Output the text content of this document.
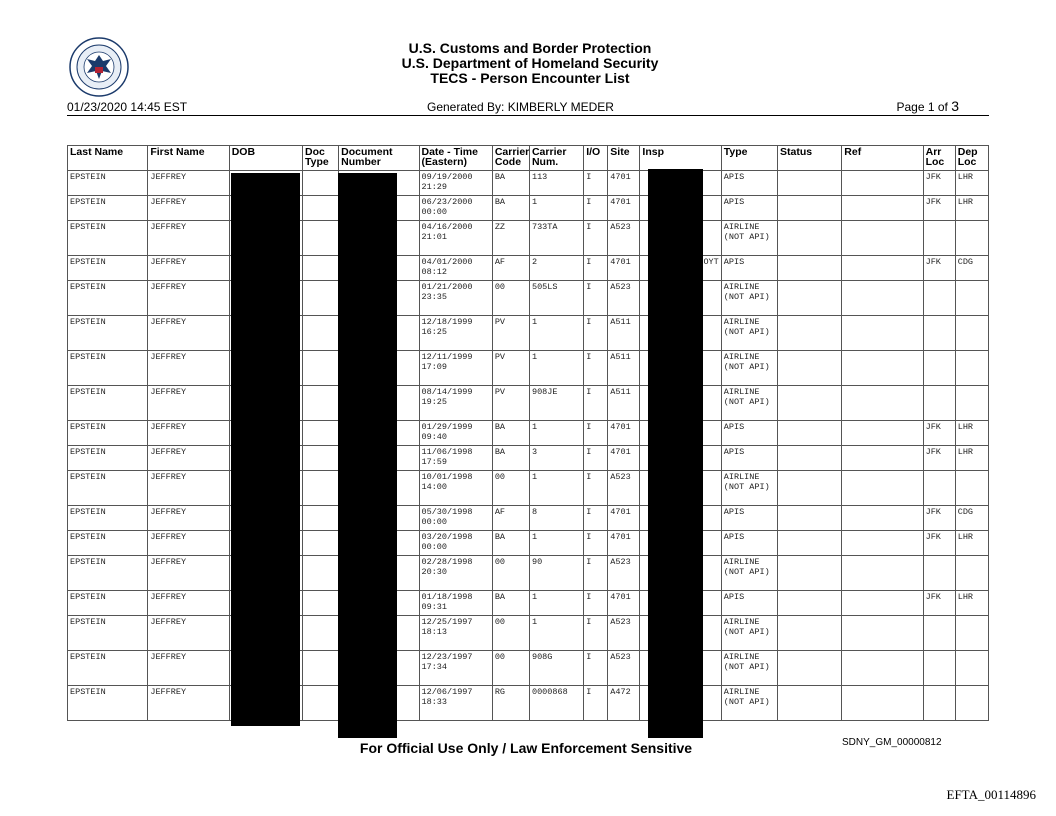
U.S. Customs and Border Protection
U.S. Department of Homeland Security
TECS - Person Encounter List
01/23/2020 14:45 EST	Generated By: KIMBERLY MEDER	Page 1 of 3
Last Name	First Name	DOB	Doc Type	Document Number	Date - Time (Eastern)	Carrier Code	Carrier Num.	I/O	Site	Insp	Type	Status	Ref	Arr Loc	Dep Loc
EPSTEIN	JEFFREY				09/19/2000 21:29	BA	113	I	4701		APIS			JFK	LHR
EPSTEIN	JEFFREY				06/23/2000 00:00	BA	1	I	4701		APIS			JFK	LHR
EPSTEIN	JEFFREY				04/16/2000 21:01	ZZ	733TA	I	A523		AIRLINE (NOT API)				
EPSTEIN	JEFFREY				04/01/2000 08:12	AF	2	I	4701	OYT	APIS			JFK	CDG
EPSTEIN	JEFFREY				01/21/2000 23:35	00	505LS	I	A523		AIRLINE (NOT API)				
EPSTEIN	JEFFREY				12/18/1999 16:25	PV	1	I	A511		AIRLINE (NOT API)				
EPSTEIN	JEFFREY				12/11/1999 17:09	PV	1	I	A511		AIRLINE (NOT API)				
EPSTEIN	JEFFREY				08/14/1999 19:25	PV	908JE	I	A511		AIRLINE (NOT API)				
EPSTEIN	JEFFREY				01/29/1999 09:40	BA	1	I	4701		APIS			JFK	LHR
EPSTEIN	JEFFREY				11/06/1998 17:59	BA	3	I	4701		APIS			JFK	LHR
EPSTEIN	JEFFREY				10/01/1998 14:00	00	1	I	A523		AIRLINE (NOT API)				
EPSTEIN	JEFFREY				05/30/1998 00:00	AF	8	I	4701		APIS			JFK	CDG
EPSTEIN	JEFFREY				03/20/1998 00:00	BA	1	I	4701		APIS			JFK	LHR
EPSTEIN	JEFFREY				02/28/1998 20:30	00	90	I	A523		AIRLINE (NOT API)				
EPSTEIN	JEFFREY				01/18/1998 09:31	BA	1	I	4701		APIS			JFK	LHR
EPSTEIN	JEFFREY				12/25/1997 18:13	00	1	I	A523		AIRLINE (NOT API)				
EPSTEIN	JEFFREY				12/23/1997 17:34	00	908G	I	A523		AIRLINE (NOT API)				
EPSTEIN	JEFFREY				12/06/1997 18:33	RG	0000868	I	A472		AIRLINE (NOT API)				
For Official Use Only / Law Enforcement Sensitive	SDNY_GM_00000812
EFTA_00114896
